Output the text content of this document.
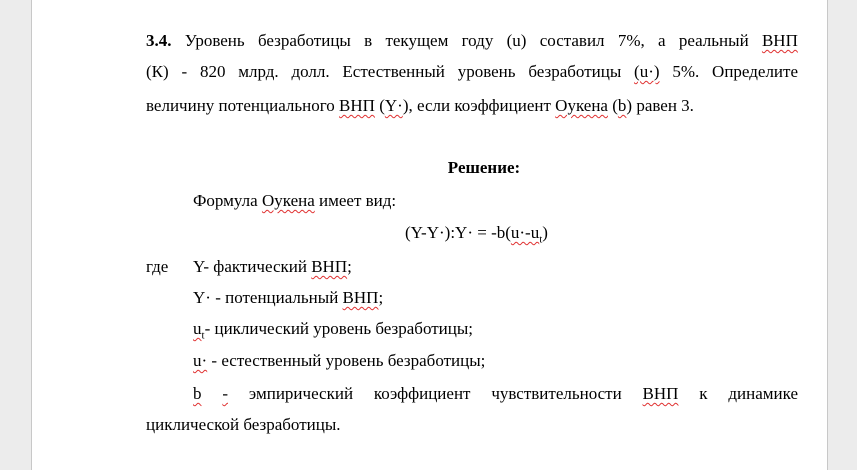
3.4. Уровень безработицы в текущем году (u) составил 7%, а реальный ВНП
(К) - 820 млрд. долл. Естественный уровень безработицы (u·) 5%. Определите
величину потенциального ВНП (Y·), если коэффициент Оукена (b) равен 3.
Решение:
Формула Оукена имеет вид:
(Y-Y·):Y· = $-b(u\cdot-u_t)$
где Y- фактический ВНП;
Y· - потенциальный ВНП;
$u_t-$ циклический уровень безработицы;
u· - естественный уровень безработицы;
b - эмпирический коэффициент чувствительности ВНП к динамике
циклической безработицы.
